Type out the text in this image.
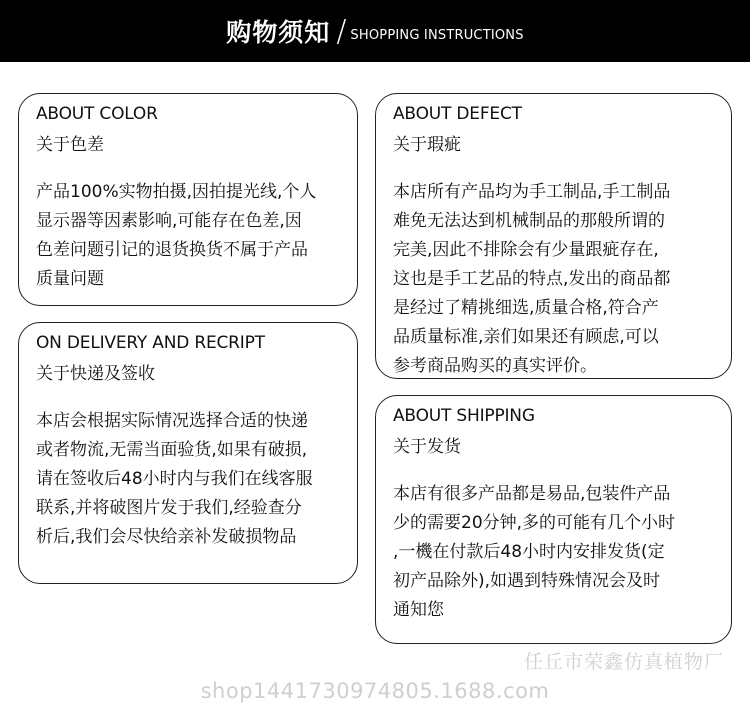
购物须知 / SHOPPING INSTRUCTIONS
ABOUT COLOR
关于色差
产品100%实物拍摄,因拍提光线,个人
显示器等因素影响,可能存在色差,因
色差问题引记的退货换货不属于产品
质量问题
ON DELIVERY AND RECRIPT
关于快递及签收
本店会根据实际情况选择合适的快递
或者物流,无需当面验货,如果有破损,
请在签收后48小时内与我们在线客服
联系,并将破图片发于我们,经验查分
析后,我们会尽快给亲补发破损物品
ABOUT DEFECT
关于瑕疵
本店所有产品均为手工制品,手工制品
难免无法达到机械制品的那般所谓的
完美,因此不排除会有少量跟疵存在,
这也是手工艺品的特点,发出的商品都
是经过了精挑细选,质量合格,符合产
品质量标准,亲们如果还有顾虑,可以
参考商品购买的真实评价。
ABOUT SHIPPING
关于发货
本店有很多产品都是易品,包装件产品
少的需要20分钟,多的可能有几个小时
,一機在付款后48小时内安排发货(定
初产品除外),如遇到特殊情况会及时
通知您
任丘市荣鑫仿真植物厂
shop1441730974805.1688.com
